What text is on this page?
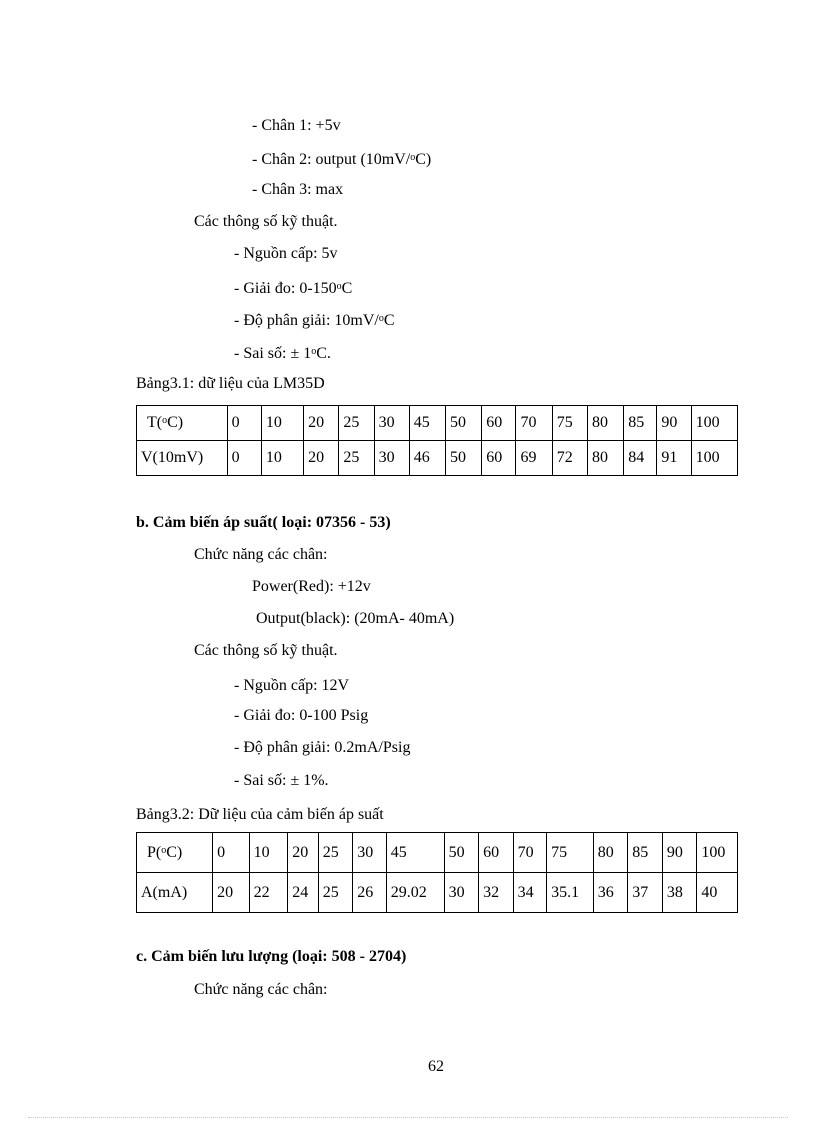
- Chân 1: +5v
- Chân 2: output (10mV/$^o$C)
- Chân 3: max
Các thông số kỹ thuật.
- Nguồn cấp: 5v
- Giải đo: 0-150$^o$C
- Độ phân giải: 10mV/$^o$C
- Sai số: ± $1^oC$.
Bảng3.1: dữ liệu của LM35D
T($^o$C)	0	10	20	25	30	45	50	60	70	75	80	85	90	100
V(10mV)	0	10	20	25	30	46	50	60	69	72	80	84	91	100
b. Cảm biến áp suất( loại: 07356 - 53)
Chức năng các chân:
Power(Red): +12v
Output(black): (20mA- 40mA)
Các thông số kỹ thuật.
- Nguồn cấp: 12V
- Giải đo: 0-100 Psig
- Độ phân giải: 0.2mA/Psig
- Sai số: ± 1%.
Bảng3.2: Dữ liệu của cảm biến áp suất
P($^o$C)	0	10	20	25	30	45	50	60	70	75	80	85	90	100
A(mA)	20	22	24	25	26	29.02	30	32	34	35.1	36	37	38	40
c. Cảm biến lưu lượng (loại: 508 - 2704)
Chức năng các chân:
62
